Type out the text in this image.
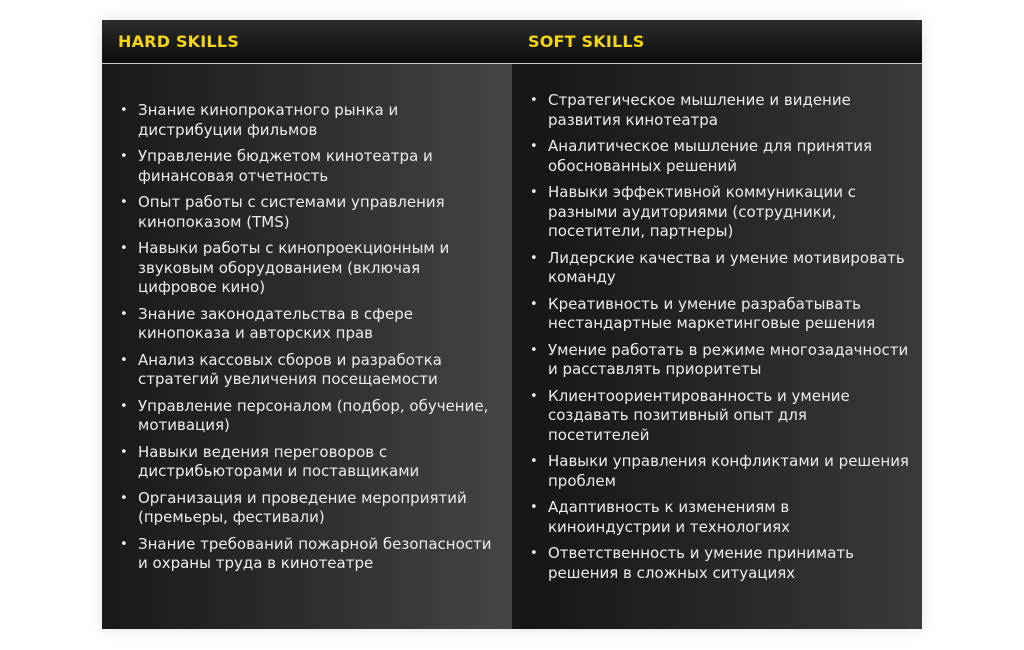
HARD SKILLS	SOFT SKILLS
• Знание кинопрокатного рынка и дистрибуции фильмов
• Управление бюджетом кинотеатра и финансовая отчетность
• Опыт работы с системами управления кинопоказом (TMS)
• Навыки работы с кинопроекционным и звуковым оборудованием (включая цифровое кино)
• Знание законодательства в сфере кинопоказа и авторских прав
• Анализ кассовых сборов и разработка стратегий увеличения посещаемости
• Управление персоналом (подбор, обучение, мотивация)
• Навыки ведения переговоров с дистрибьюторами и поставщиками
• Организация и проведение мероприятий (премьеры, фестивали)
• Знание требований пожарной безопасности и охраны труда в кинотеатре
• Стратегическое мышление и видение развития кинотеатра
• Аналитическое мышление для принятия обоснованных решений
• Навыки эффективной коммуникации с разными аудиториями (сотрудники, посетители, партнеры)
• Лидерские качества и умение мотивировать команду
• Креативность и умение разрабатывать нестандартные маркетинговые решения
• Умение работать в режиме многозадачности и расставлять приоритеты
• Клиентоориентированность и умение создавать позитивный опыт для посетителей
• Навыки управления конфликтами и решения проблем
• Адаптивность к изменениям в киноиндустрии и технологиях
• Ответственность и умение принимать решения в сложных ситуациях
